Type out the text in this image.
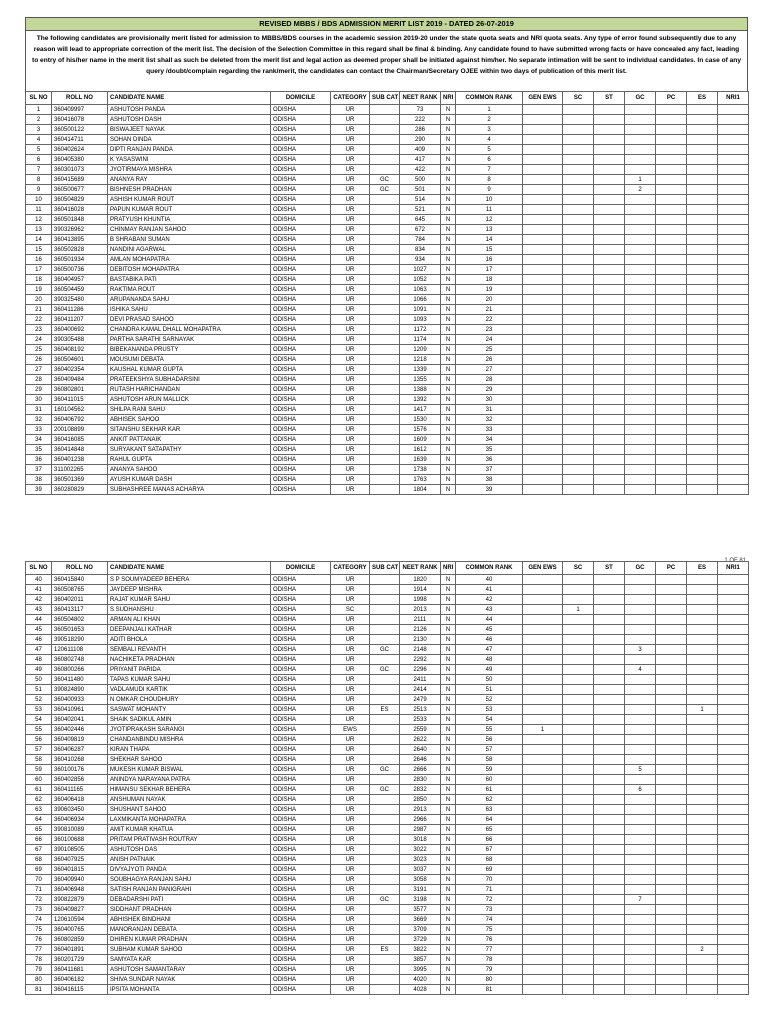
REVISED MBBS / BDS ADMISSION MERIT LIST 2019 - DATED 26-07-2019
The following candidates are provisionally merit listed for admission to MBBS/BDS courses in the academic session 2019-20 under the state quota seats and NRI quota seats. Any type of error found subsequently due to any reason will lead to appropriate correction of the merit list. The decision of the Selection Committee in this regard shall be final & binding. Any candidate found to have submitted wrong facts or have concealed any fact, leading to entry of his/her name in the merit list shall as such be deleted from the merit list and legal action as deemed proper shall be initiated against him/her. No separate intimation will be sent to individual candidates. In case of any query /doubt/complain regarding the rank/merit, the candidates can contact the Chairman/Secretary OJEE within two days of publication of this merit list.
SL NO	ROLL NO	CANDIDATE NAME	DOMICILE	CATEGORY	SUB CAT	NEET RANK	NRI	COMMON RANK	GEN EWS	SC	ST	GC	PC	ES	NRI1
1	360409997	ASHUTOSH PANDA	ODISHA	UR		73	N	1							
2	360416078	ASHUTOSH DASH	ODISHA	UR		222	N	2							
3	360500122	BISWAJEET NAYAK	ODISHA	UR		286	N	3							
4	360414711	SOHAN DINDA	ODISHA	UR		290	N	4							
5	360402624	DIPTI RANJAN PANDA	ODISHA	UR		409	N	5							
6	360405380	K YASASWINI	ODISHA	UR		417	N	6							
7	360301073	JYOTIRMAYA MISHRA	ODISHA	UR		422	N	7							
8	360415689	ANANYA RAY	ODISHA	UR	GC	500	N	8				1			
9	360500677	BISHNESH PRADHAN	ODISHA	UR	GC	501	N	9				2			
10	360504829	ASHISH KUMAR ROUT	ODISHA	UR		514	N	10							
11	360416028	PAPUN KUMAR ROUT	ODISHA	UR		521	N	11							
12	360501848	PRATYUSH KHUNTIA	ODISHA	UR		645	N	12							
13	390326962	CHINMAY RANJAN SAHOO	ODISHA	UR		672	N	13							
14	360413895	B SHRABANI SUMAN	ODISHA	UR		784	N	14							
15	360502828	NANDINI AGARWAL	ODISHA	UR		834	N	15							
16	360501934	AMLAN MOHAPATRA	ODISHA	UR		934	N	16							
17	360500736	DEBITOSH MOHAPATRA	ODISHA	UR		1027	N	17							
18	360404957	BASTABIKA PATI	ODISHA	UR		1052	N	18							
19	360504459	RAKTIMA ROUT	ODISHA	UR		1063	N	19							
20	390325480	ARUPANANDA SAHU	ODISHA	UR		1066	N	20							
21	360411286	ISHIKA SAHU	ODISHA	UR		1091	N	21							
22	360411207	DEVI PRASAD SAHOO	ODISHA	UR		1093	N	22							
23	360400692	CHANDRA KAMAL DHALL MOHAPATRA	ODISHA	UR		1172	N	23							
24	390305488	PARTHA SARATHI SARNAYAK	ODISHA	UR		1174	N	24							
25	360408192	BIBEKANANDA PRUSTY	ODISHA	UR		1209	N	25							
26	360504601	MOUSUMI DEBATA	ODISHA	UR		1218	N	26							
27	360402354	KAUSHAL KUMAR GUPTA	ODISHA	UR		1339	N	27							
28	360409484	PRATEEKSHYA SUBHADARSINI	ODISHA	UR		1355	N	28							
29	360802801	RUTASH HARICHANDAN	ODISHA	UR		1388	N	29							
30	360411015	ASHUTOSH ARUN MALLICK	ODISHA	UR		1392	N	30							
31	160104562	SHILPA RANI SAHU	ODISHA	UR		1417	N	31							
32	360406792	ABHISEK SAHOO	ODISHA	UR		1530	N	32							
33	200108899	SITANSHU SEKHAR KAR	ODISHA	UR		1576	N	33							
34	360416085	ANKIT PATTANAIK	ODISHA	UR		1609	N	34							
35	360414848	SURYAKANT SATAPATHY	ODISHA	UR		1612	N	35							
36	360401238	RAHUL GUPTA	ODISHA	UR		1639	N	36							
37	311002265	ANANYA SAHOO	ODISHA	UR		1738	N	37							
38	360501369	AYUSH KUMAR DASH	ODISHA	UR		1763	N	38							
39	360280829	SUBHASHREE MANAS ACHARYA	ODISHA	UR		1804	N	39							
SL NO	ROLL NO	CANDIDATE NAME	DOMICILE	CATEGORY	SUB CAT	NEET RANK	NRI	COMMON RANK	GEN EWS	SC	ST	GC	PC	ES	NRI1
40	360415840	S P SOUMYADEEP BEHERA	ODISHA	UR		1820	N	40							
41	360508765	JAYDEEP MISHRA	ODISHA	UR		1914	N	41							
42	360402011	RAJAT KUMAR SAHU	ODISHA	UR		1998	N	42							
43	360413117	S SUDHANSHU	ODISHA	SC		2013	N	43		1					
44	360504802	ARMAN ALI KHAN	ODISHA	UR		2111	N	44							
45	360501653	DEEPANJALI KATHAR	ODISHA	UR		2126	N	45							
46	390518290	ADITI BHOLA	ODISHA	UR		2130	N	46							
47	120611108	SEMBALI REVANTH	ODISHA	UR	GC	2148	N	47				3			
48	360802748	NACHIKETA PRADHAN	ODISHA	UR		2292	N	48							
49	360800266	PRIYANIT PARIDA	ODISHA	UR	GC	2296	N	49				4			
50	360411480	TAPAS KUMAR SAHU	ODISHA	UR		2411	N	50							
51	390824890	VADLAMUDI KARTIK	ODISHA	UR		2414	N	51							
52	360400933	N OMKAR CHOUDHURY	ODISHA	UR		2479	N	52							
53	360410961	SASWAT MOHANTY	ODISHA	UR	ES	2513	N	53						1	
54	360402041	SHAIK SADIKUL AMIN	ODISHA	UR		2533	N	54							
55	360402446	JYOTIPRAKASH SARANGI	ODISHA	EWS		2559	N	55	1						
56	360409819	CHANDANBINDU MISHRA	ODISHA	UR		2622	N	56							
57	360406287	KIRAN THAPA	ODISHA	UR		2640	N	57							
58	360410268	SHEKHAR SAHOO	ODISHA	UR		2646	N	58							
59	360100176	MUKESH KUMAR BISWAL	ODISHA	UR	GC	2666	N	59				5			
60	360402856	ANINDYA NARAYANA PATRA	ODISHA	UR		2830	N	60							
61	360411165	HIMANSU SEKHAR BEHERA	ODISHA	UR	GC	2832	N	61				6			
62	360406418	ANSHUMAN NAYAK	ODISHA	UR		2850	N	62							
63	390603450	SHUSHANT SAHOO	ODISHA	UR		2913	N	63							
64	360406934	LAXMIKANTA MOHAPATRA	ODISHA	UR		2966	N	64							
65	390810089	AMIT KUMAR KHATUA	ODISHA	UR		2987	N	65							
66	360100688	PRITAM PRATIVASH ROUTRAY	ODISHA	UR		3018	N	66							
67	390108505	ASHUTOSH DAS	ODISHA	UR		3022	N	67							
68	360407925	ANISH PATNAIK	ODISHA	UR		3023	N	68							
69	360401815	DIVYAJYOTI PANDA	ODISHA	UR		3037	N	69							
70	360409940	SOUBHAGYA RANJAN SAHU	ODISHA	UR		3058	N	70							
71	360406948	SATISH RANJAN PANIGRAHI	ODISHA	UR		3191	N	71							
72	390822879	DEBADARSHI PATI	ODISHA	UR	GC	3198	N	72				7			
73	360409827	SIDDHANT PRADHAN	ODISHA	UR		3577	N	73							
74	120610594	ABHISHEK BINDHANI	ODISHA	UR		3669	N	74							
75	360400765	MANORANJAN DEBATA	ODISHA	UR		3709	N	75							
76	360802859	DHIREN KUMAR PRADHAN	ODISHA	UR		3729	N	76							
77	360401891	SUBHAM KUMAR SAHOO	ODISHA	UR	ES	3822	N	77						2	
78	360201729	SAMYATA KAR	ODISHA	UR		3857	N	78							
79	360411681	ASHUTOSH SAMANTARAY	ODISHA	UR		3995	N	79							
80	360406182	SHIVA SUNDAR NAYAK	ODISHA	UR		4020	N	80							
81	360416115	IPSITA MOHANTA	ODISHA	UR		4028	N	81							
